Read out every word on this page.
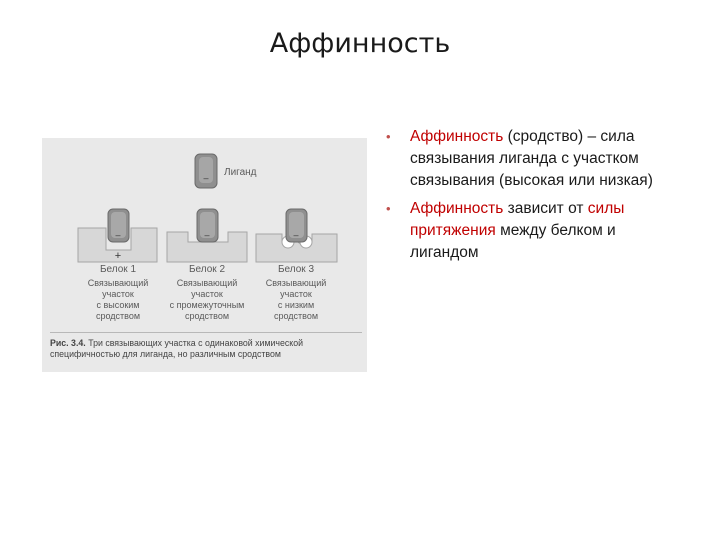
Аффинность
– Лиганд
–
+
Белок 1
Связывающий
участок
с высоким
сродством
–
Белок 2
Связывающий
участок
с промежуточным
сродством
–
Белок 3
Связывающий
участок
с низким
сродством
Рис. 3.4. Три связывающих участка с одинаковой химической специфичностью для лиганда, но различным сродством
• Аффинность (сродство) – сила связывания лиганда с участком связывания (высокая или низкая)
• Аффинность зависит от силы притяжения между белком и лигандом
